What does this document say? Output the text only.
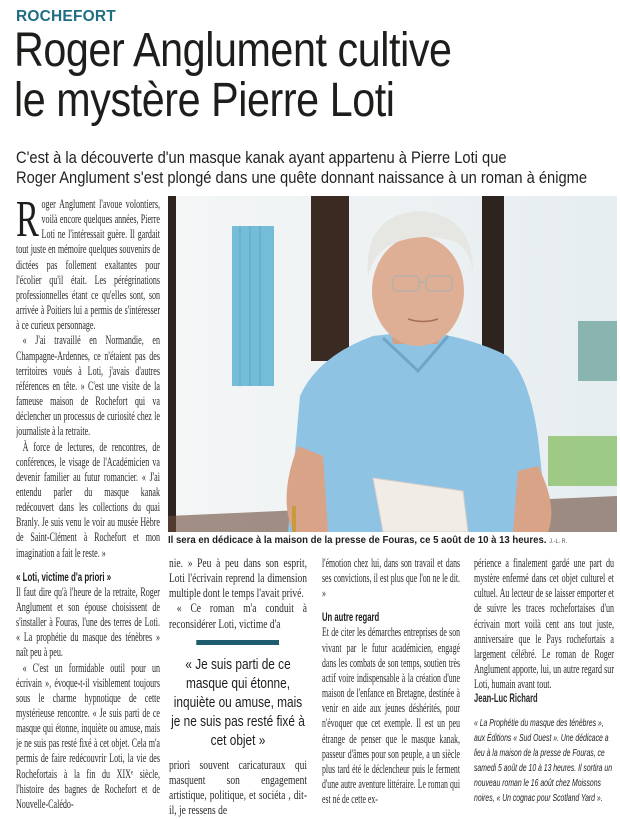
ROCHEFORT
Roger Anglument cultive
le mystère Pierre Loti
C'est à la découverte d'un masque kanak ayant appartenu à Pierre Loti que
Roger Anglument s'est plongé dans une quête donnant naissance à un roman à énigme

Roger Anglument l'avoue volontiers, voilà encore quelques années, Pierre Loti ne l'intéressait guère. Il gardait tout juste en mémoire quelques souvenirs de dictées pas follement exaltantes pour l'écolier qu'il était. Les pérégrinations professionnelles étant ce qu'elles sont, son arrivée à Poitiers lui a permis de s'intéresser à ce curieux personnage.

« J'ai travaillé en Normandie, en Champagne-Ardennes, ce n'étaient pas des territoires voués à Loti, j'avais d'autres références en tête. » C'est une visite de la fameuse maison de Rochefort qui va déclencher un processus de curiosité chez le journaliste à la retraite.

À force de lectures, de rencontres, de conférences, le visage de l'Académicien va devenir familier au futur romancier. « J'ai entendu parler du masque kanak redécouvert dans les collections du quai Branly. Je suis venu le voir au musée Hèbre de Saint-Clément à Rochefort et mon imagination a fait le reste. »

« Loti, victime d'a priori »

Il faut dire qu'à l'heure de la retraite, Roger Anglument et son épouse choisissent de s'installer à Fouras, l'une des terres de Loti. « La prophétie du masque des ténèbres » naît peu à peu.

« C'est un formidable outil pour un écrivain », évoque-t-il visiblement toujours sous le charme hypnotique de cette mystérieuse rencontre. « Je suis parti de ce masque qui étonne, inquiète ou amuse, mais je ne suis pas resté fixé à cet objet. Cela m'a permis de faire redécouvrir Loti, la vie des Rochefortais à la fin du XIXᵉ siècle, l'histoire des bagnes de Rochefort et de Nouvelle-Calédo-

Il sera en dédicace à la maison de la presse de Fouras, ce 5 août de 10 à 13 heures. J.-L. R.

nie. » Peu à peu dans son esprit, Loti l'écrivain reprend la dimension multiple dont le temps l'avait privé.

« Ce roman m'a conduit à reconsidérer Loti, victime d'a

« Je suis parti de ce masque qui étonne, inquiète ou amuse, mais je ne suis pas resté fixé à cet objet »

priori souvent caricaturaux qui masquent son engagement artistique, politique, et sociéta , dit-il, je ressens de

l'émotion chez lui, dans son travail et dans ses convictions, il est plus que l'on ne le dit. »

Un autre regard

Et de citer les démarches entreprises de son vivant par le futur académicien, engagé dans les combats de son temps, soutien très actif voire indispensable à la création d'une maison de l'enfance en Bretagne, destinée à venir en aide aux jeunes déshérités, pour n'évoquer que cet exemple. Il est un peu étrange de penser que le masque kanak, passeur d'âmes pour son peuple, a un siècle plus tard été le déclencheur puis le ferment d'une autre aventure littéraire. Le roman qui est né de cette ex-

périence a finalement gardé une part du mystère enfermé dans cet objet culturel et cultuel. Au lecteur de se laisser emporter et de suivre les traces rochefortaises d'un écrivain mort voilà cent ans tout juste, anniversaire que le Pays rochefortais a largement célébré. Le roman de Roger Anglument apporte, lui, un autre regard sur Loti, humain avant tout.

Jean-Luc Richard

« La Prophétie du masque des ténèbres », aux Éditions « Sud Ouest ». Une dédicace a lieu à la maison de la presse de Fouras, ce samedi 5 août de 10 à 13 heures. Il sortira un nouveau roman le 16 août chez Moissons noires, « Un cognac pour Scotland Yard ».
